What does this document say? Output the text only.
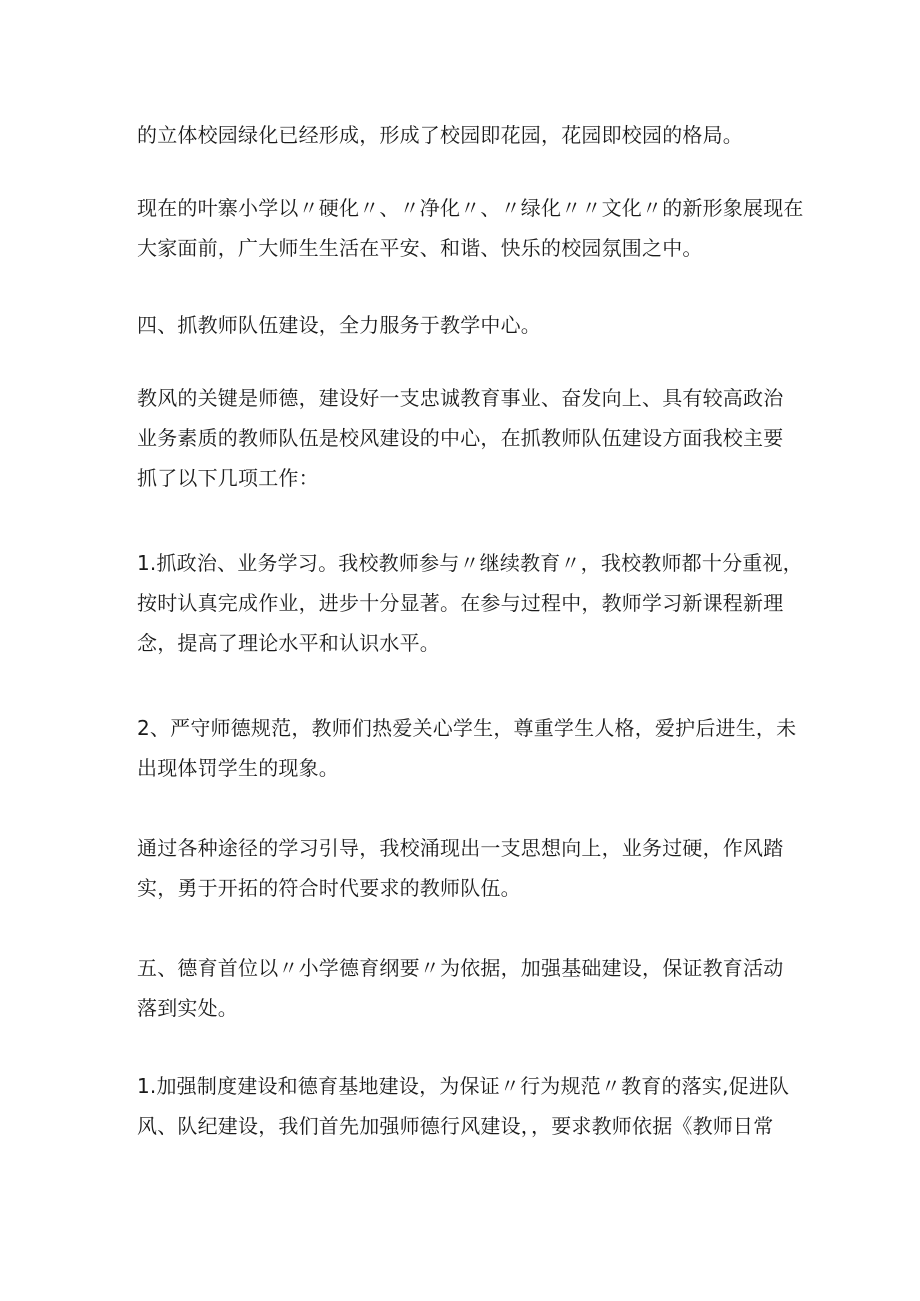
的立体校园绿化已经形成，形成了校园即花园，花园即校园的格局。

现在的叶寨小学以〃硬化〃、〃净化〃、〃绿化〃〃文化〃的新形象展现在
大家面前，广大师生生活在平安、和谐、快乐的校园氛围之中。

四、抓教师队伍建设，全力服务于教学中心。

教风的关键是师德，建设好一支忠诚教育事业、奋发向上、具有较高政治
业务素质的教师队伍是校风建设的中心，在抓教师队伍建设方面我校主要
抓了以下几项工作：

1.抓政治、业务学习。我校教师参与〃继续教育〃，我校教师都十分重视，
按时认真完成作业，进步十分显著。在参与过程中，教师学习新课程新理
念，提高了理论水平和认识水平。

2、严守师德规范，教师们热爱关心学生，尊重学生人格，爱护后进生，未
出现体罚学生的现象。

通过各种途径的学习引导，我校涌现出一支思想向上，业务过硬，作风踏
实，勇于开拓的符合时代要求的教师队伍。

五、德育首位以〃小学德育纲要〃为依据，加强基础建设，保证教育活动
落到实处。

1.加强制度建设和德育基地建设，为保证〃行为规范〃教育的落实,促进队
风、队纪建设，我们首先加强师德行风建设，，要求教师依据《教师日常
